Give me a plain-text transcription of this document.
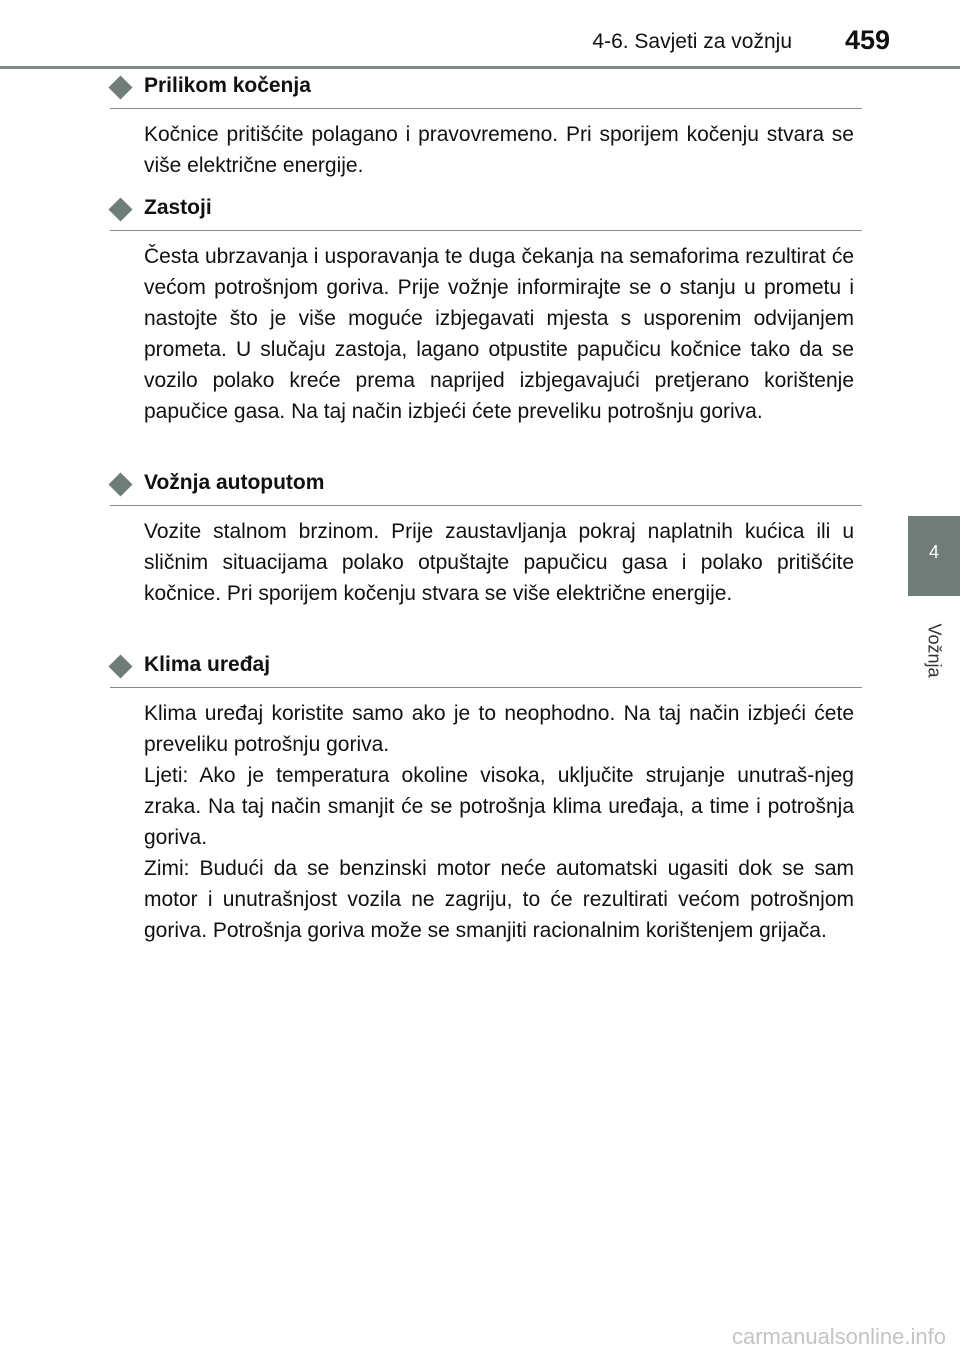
4-6. Savjeti za vožnju 459
4
Vožnja
Prilikom kočenja

Kočnice pritišćite polagano i pravovremeno. Pri sporijem kočenju stvara se više električne energije.

Zastoji

Česta ubrzavanja i usporavanja te duga čekanja na semaforima rezultirat će većom potrošnjom goriva. Prije vožnje informirajte se o stanju u prometu i nastojte što je više moguće izbjegavati mjesta s usporenim odvijanjem prometa. U slučaju zastoja, lagano otpustite papučicu kočnice tako da se vozilo polako kreće prema naprijed izbjegavajući pretjerano korištenje papučice gasa. Na taj način izbjeći ćete preveliku potrošnju goriva.

Vožnja autoputom

Vozite stalnom brzinom. Prije zaustavljanja pokraj naplatnih kućica ili u sličnim situacijama polako otpuštajte papučicu gasa i polako pritišćite kočnice. Pri sporijem kočenju stvara se više električne energije.

Klima uređaj

Klima uređaj koristite samo ako je to neophodno. Na taj način izbjeći ćete preveliku potrošnju goriva.

Ljeti: Ako je temperatura okoline visoka, uključite strujanje unutraš-njeg zraka. Na taj način smanjit će se potrošnja klima uređaja, a time i potrošnja goriva.

Zimi: Budući da se benzinski motor neće automatski ugasiti dok se sam motor i unutrašnjost vozila ne zagriju, to će rezultirati većom potrošnjom goriva. Potrošnja goriva može se smanjiti racionalnim korištenjem grijača.

carmanualsonline.info
